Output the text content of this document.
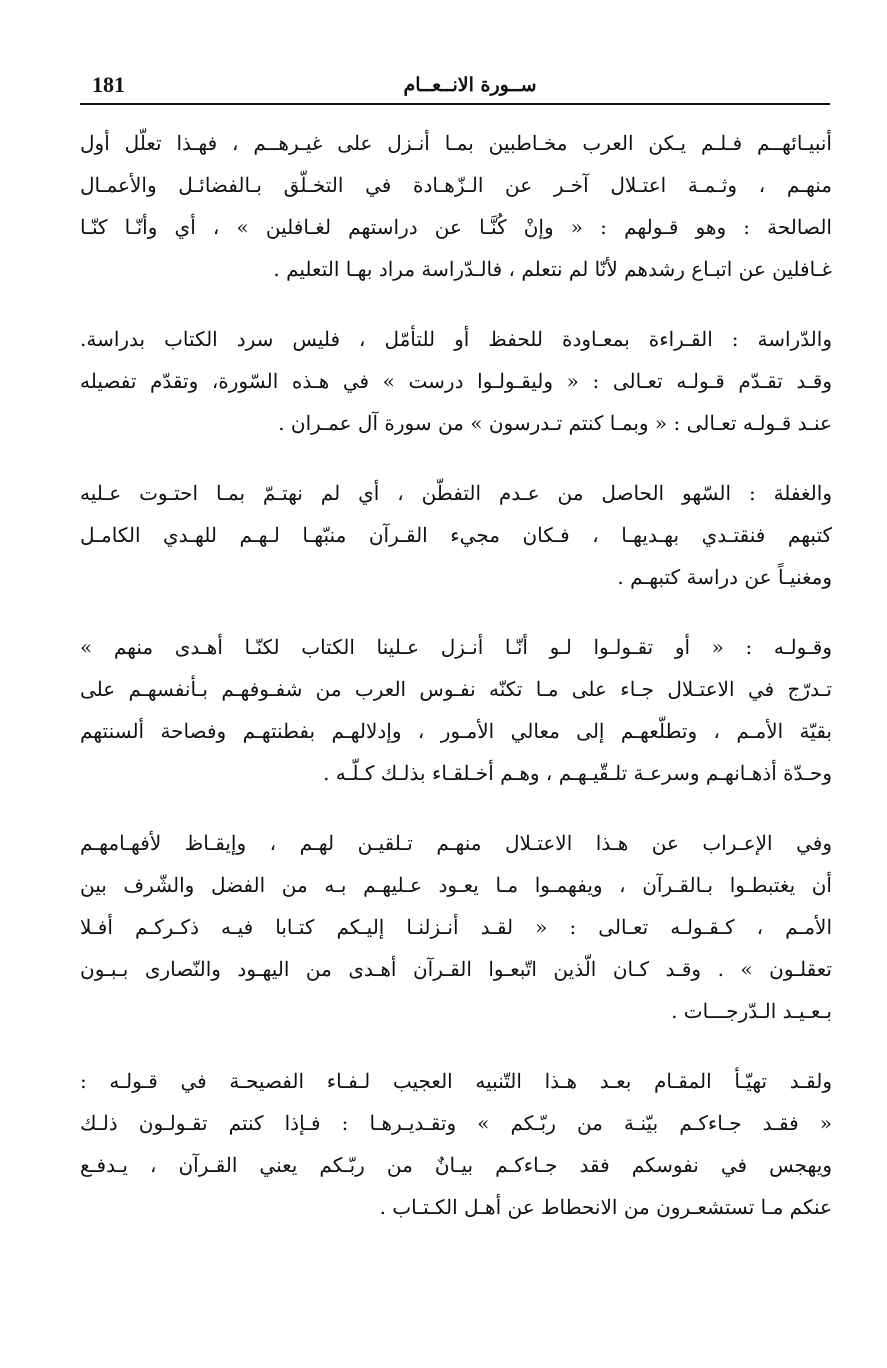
181	ســورة الانــعــام
أنبيـائهــم فـلـم يـكن العرب مخـاطبين بمـا أنـزل على غيـرهــم ، فهـذا تعلّل أول
منهـم ، وثـمـة اعتـلال آخـر عن الـزّهـادة في التخـلّق بـالفضائـل والأعمـال
الصالحة : وهو قـولهم : « وإنْ كُنَّـا عن دراستهم لغـافلين » ، أي وأنّـا كنّـا
غـافلين عن اتبـاع رشدهم لأنّا لم نتعلم ، فالـدّراسة مراد بهـا التعليم .
والدّراسة : القـراءة بمعـاودة للحفظ أو للتأمّل ، فليس سرد الكتاب بدراسة.
وقـد تقـدّم قـولـه تعـالى : « وليقـولـوا درست » في هـذه السّورة، وتقدّم تفصيله
عنـد قـولـه تعـالى : « وبمـا كنتم تـدرسون » من سورة آل عمـران .
والغفلة : السّهو الحاصل من عـدم التفطّن ، أي لم نهتـمّ بمـا احتـوت عـليه
كتبهم فنقتـدي بهـديهـا ، فـكان مجيء القـرآن منبّهـا لـهـم للهـدي الكامـل
ومغنيـاً عن دراسة كتبهـم .
وقـولـه : « أو تقـولـوا لـو أنّـا أنـزل عـلينا الكتاب لكنّـا أهـدى منهم »
تـدرّج في الاعتـلال جـاء على مـا تكنّه نفـوس العرب من شفـوفهـم بـأنفسهـم على
بقيّة الأمـم ، وتطلّعهـم إلى معالي الأمـور ، وإدلالهـم بفطنتهـم وفصاحة ألسنتهم
وحـدّة أذهـانهـم وسرعـة تلـقّيـهـم ، وهـم أخـلقـاء بذلـك كـلّـه .
وفي الإعـراب عن هـذا الاعتـلال منهـم تـلقيـن لهـم ، وإيقـاظ لأفهـامهـم
أن يغتبطـوا بـالقـرآن ، ويفهمـوا مـا يعـود عـليهـم بـه من الفضل والشّرف بين
الأمـم ، كـقـولـه تعـالى : « لقـد أنـزلنـا إليـكم كتـابا فيـه ذكـركـم أفـلا
تعقلـون » . وقـد كـان الّذين اتّبعـوا القـرآن أهـدى من اليهـود والنّصارى بـبـون
بـعـيـد الـدّرجـــات .
ولقـد تهيّـأ المقـام بعـد هـذا التّنبيه العجيب لـفـاء الفصيحـة في قـولـه :
« فقـد جـاءكـم بيّنـة من ربّـكم » وتقـديـرهـا : فـإذا كنتم تقـولـون ذلـك
ويهجس في نفوسكم فقد جـاءكـم بيـانٌ من ربّـكم يعني القـرآن ، يـدفـع
عنكم مـا تستشعـرون من الانحطاط عن أهـل الكـتـاب .
